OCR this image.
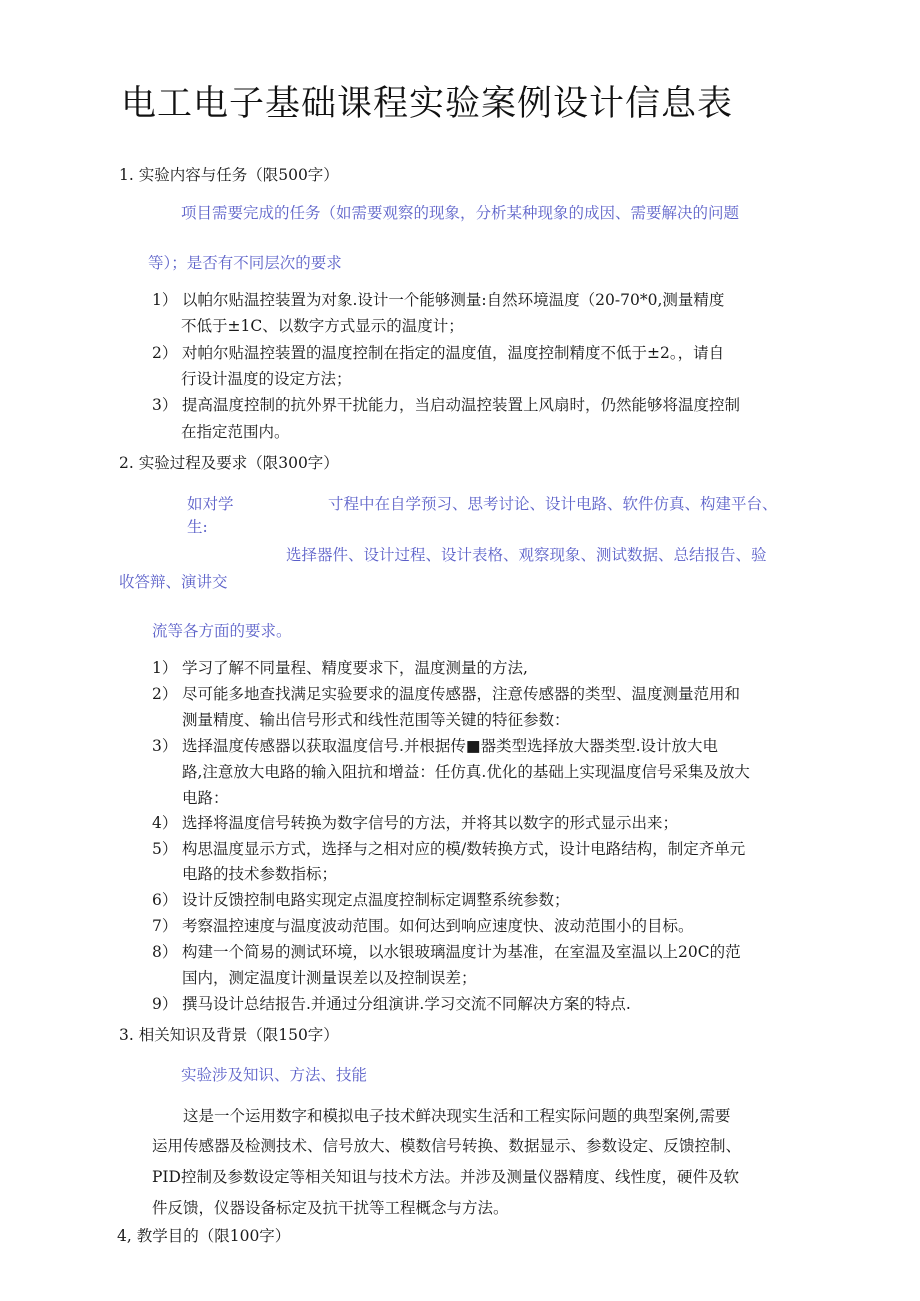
电工电子基础课程实验案例设计信息表
1. 实验内容与任务（限500字）
项目需要完成的任务（如需要观察的现象，分析某种现象的成因、需要解决的问题
等）；是否有不同层次的要求
1） 以帕尔贴温控装置为对象.设计一个能够测量:自然环境温度（20-70*0,测量精度
不低于±1C、以数字方式显示的温度计；
2） 对帕尔贴温控装置的温度控制在指定的温度值，温度控制精度不低于±2。，请自
行设计温度的设定方法；
3） 提高温度控制的抗外界干扰能力，当启动温控装置上风扇时，仍然能够将温度控制
在指定范围内。
2. 实验过程及要求（限300字）
如对学
生:
寸程中在自学预习、思考讨论、设计电路、软件仿真、构建平台、
选择器件、设计过程、设计表格、观察现象、测试数据、总结报告、验
收答辩、演讲交
流等各方面的要求。
1） 学习了解不同量程、精度要求下，温度测量的方法,
2） 尽可能多地查找满足实验要求的温度传感器，注意传感器的类型、温度测量范用和
测量精度、输出信号形式和线性范围等关键的特征参数：
3） 选择温度传感器以获取温度信号.并根据传■器类型选择放大器类型.设计放大电
路,注意放大电路的输入阻抗和增益：任仿真.优化的基础上实现温度信号采集及放大
电路：
4） 选择将温度信号转换为数字信号的方法，并将其以数字的形式显示出来；
5） 构思温度显示方式，选择与之相对应的模/数转换方式，设计电路结构，制定齐单元
电路的技术参数指标；
6） 设计反馈控制电路实现定点温度控制标定调整系统参数；
7） 考察温控速度与温度波动范围。如何达到响应速度快、波动范围小的目标。
8） 构建一个简易的测试环境，以水银玻璃温度计为基准，在室温及室温以上20C的范
国内，测定温度计测量误差以及控制误差；
9） 撰马设计总结报告.并通过分组演讲.学习交流不同解决方案的特点.
3. 相关知识及背景（限150字）
实验涉及知识、方法、技能
这是一个运用数字和模拟电子技术鲜决现实生活和工程实际问题的典型案例,需要
运用传感器及检测技术、信号放大、模数信号转换、数据显示、参数设定、反馈控制、
PID控制及参数设定等相关知诅与技术方法。并涉及测量仪器精度、线性度，硬件及软
件反馈，仪器设备标定及抗干扰等工程概念与方法。
4, 教学目的（限100字）
